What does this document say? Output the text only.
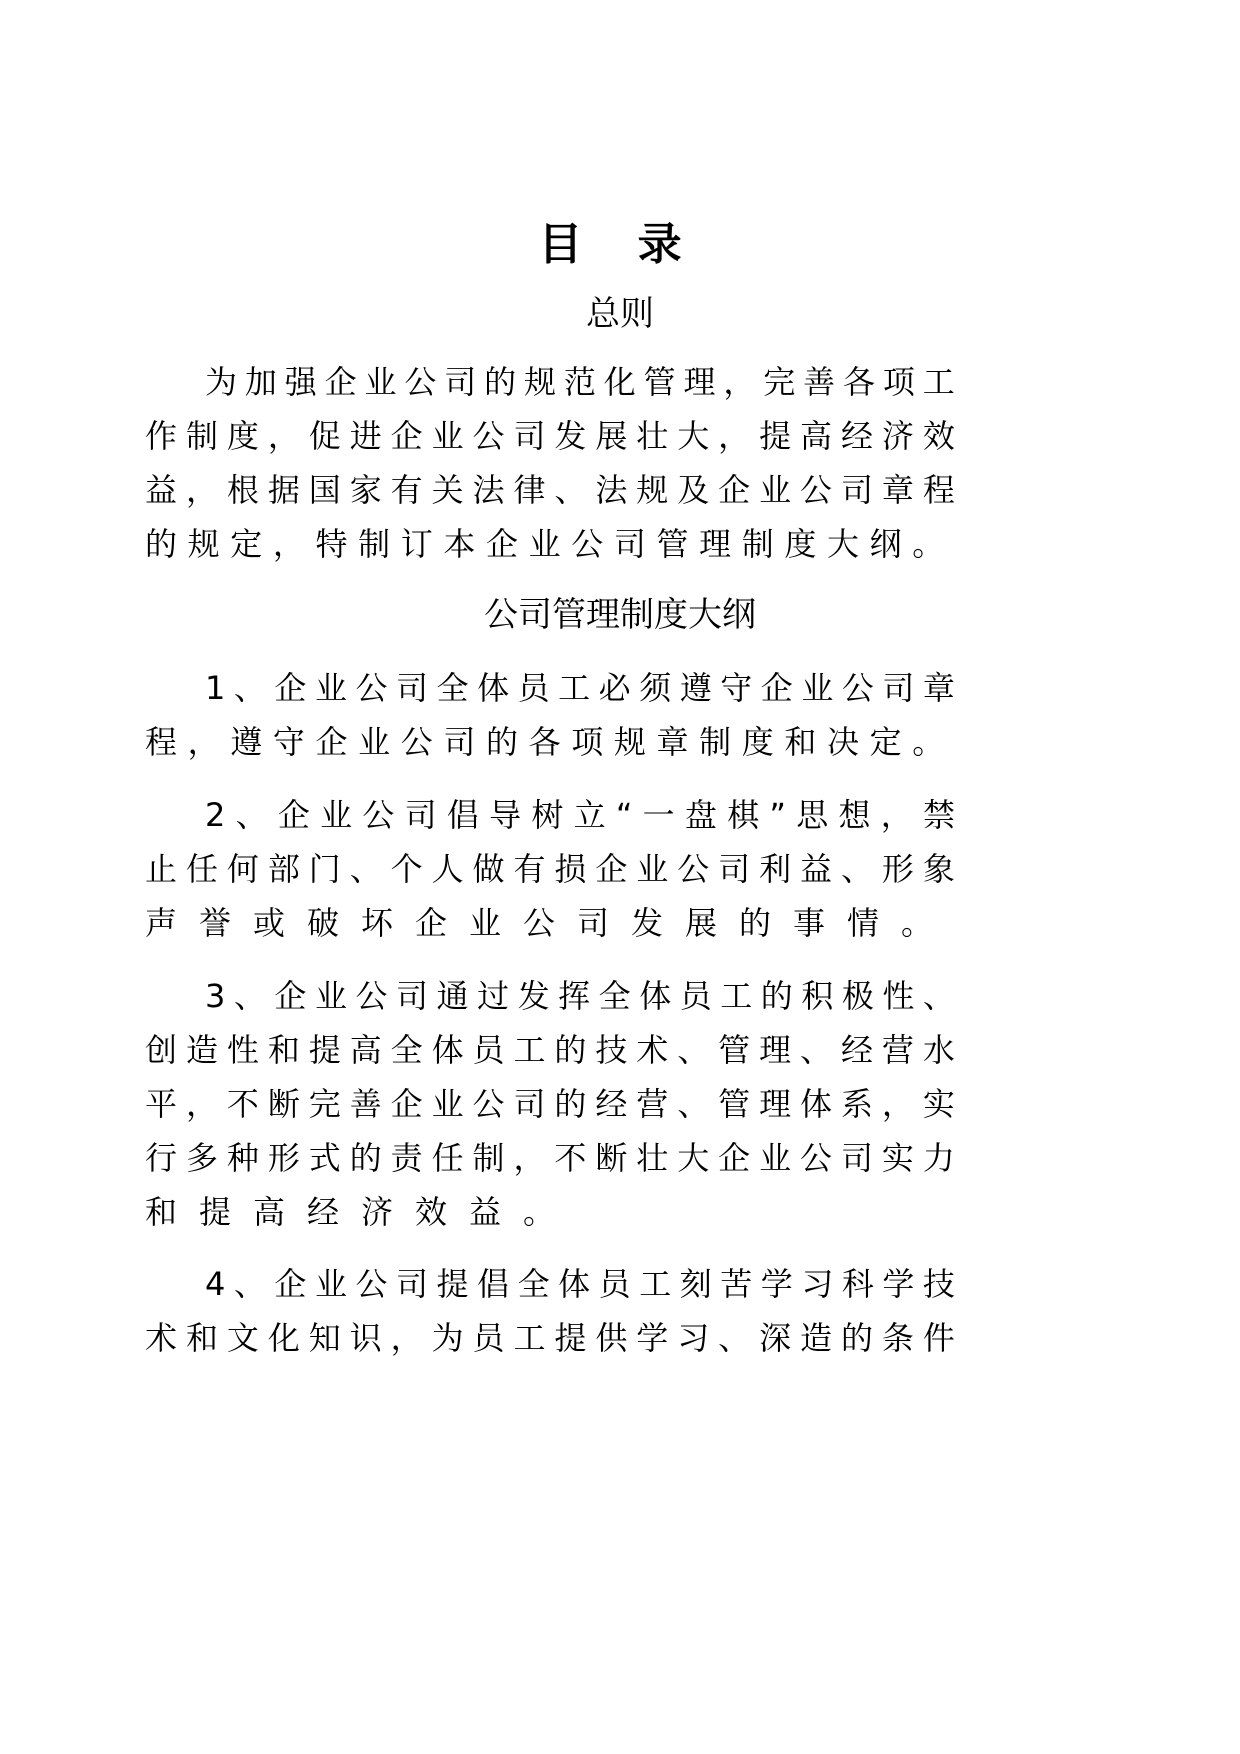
目 录
总则
为 加 强 企 业 公 司 的 规 范 化 管 理 ， 完 善 各 项 工
作 制 度 ， 促 进 企 业 公 司 发 展 壮 大 ， 提 高 经 济 效
益 ， 根 据 国 家 有 关 法 律 、 法 规 及 企 业 公 司 章 程
的 规 定 ， 特 制 订 本 企 业 公 司 管 理 制 度 大 纲 。
公司管理制度大纲
1 、 企 业 公 司 全 体 员 工 必 须 遵 守 企 业 公 司 章
程 ， 遵 守 企 业 公 司 的 各 项 规 章 制 度 和 决 定 。
2 、 企 业 公 司 倡 导 树 立 “ 一 盘 棋 ” 思 想 ， 禁
止 任 何 部 门 、 个 人 做 有 损 企 业 公 司 利 益 、 形 象
声 誉 或 破 坏 企 业 公 司 发 展 的 事 情 。
3 、 企 业 公 司 通 过 发 挥 全 体 员 工 的 积 极 性 、
创 造 性 和 提 高 全 体 员 工 的 技 术 、 管 理 、 经 营 水
平 ， 不 断 完 善 企 业 公 司 的 经 营 、 管 理 体 系 ， 实
行 多 种 形 式 的 责 任 制 ， 不 断 壮 大 企 业 公 司 实 力
和 提 高 经 济 效 益 。
4 、 企 业 公 司 提 倡 全 体 员 工 刻 苦 学 习 科 学 技
术 和 文 化 知 识 ， 为 员 工 提 供 学 习 、 深 造 的 条 件
